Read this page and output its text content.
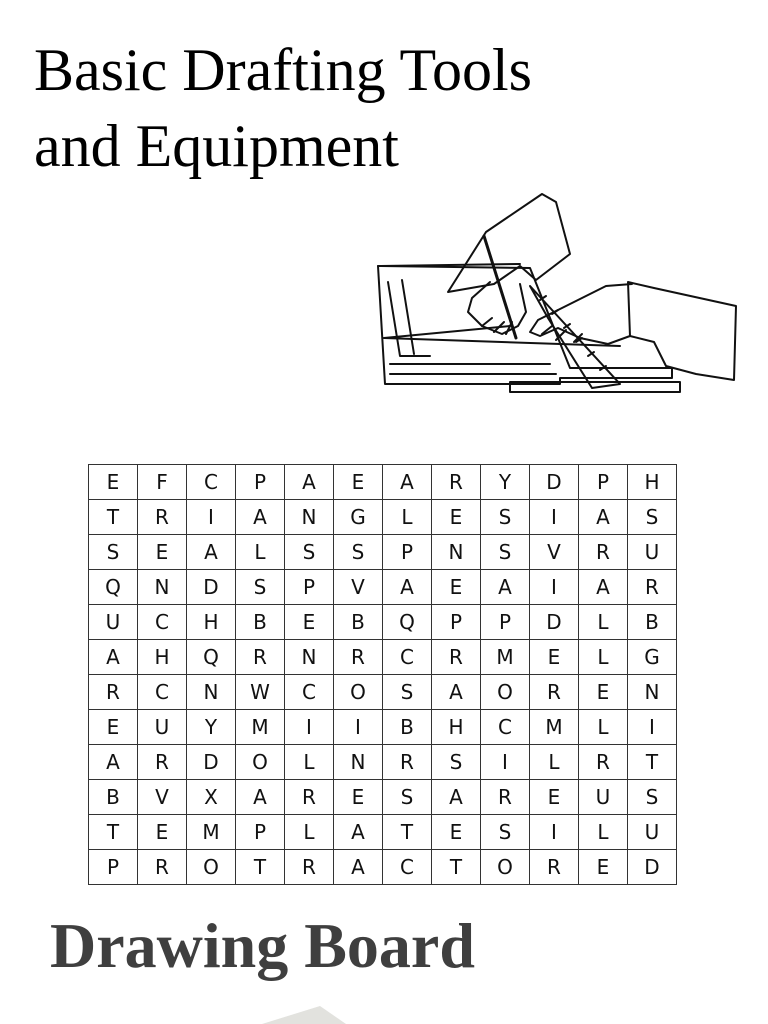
Basic Drafting Tools
and Equipment
E	F	C	P	A	E	A	R	Y	D	P	H
T	R	I	A	N	G	L	E	S	I	A	S
S	E	A	L	S	S	P	N	S	V	R	U
Q	N	D	S	P	V	A	E	A	I	A	R
U	C	H	B	E	B	Q	P	P	D	L	B
A	H	Q	R	N	R	C	R	M	E	L	G
R	C	N	W	C	O	S	A	O	R	E	N
E	U	Y	M	I	I	B	H	C	M	L	I
A	R	D	O	L	N	R	S	I	L	R	T
B	V	X	A	R	E	S	A	R	E	U	S
T	E	M	P	L	A	T	E	S	I	L	U
P	R	O	T	R	A	C	T	O	R	E	D
Drawing Board
